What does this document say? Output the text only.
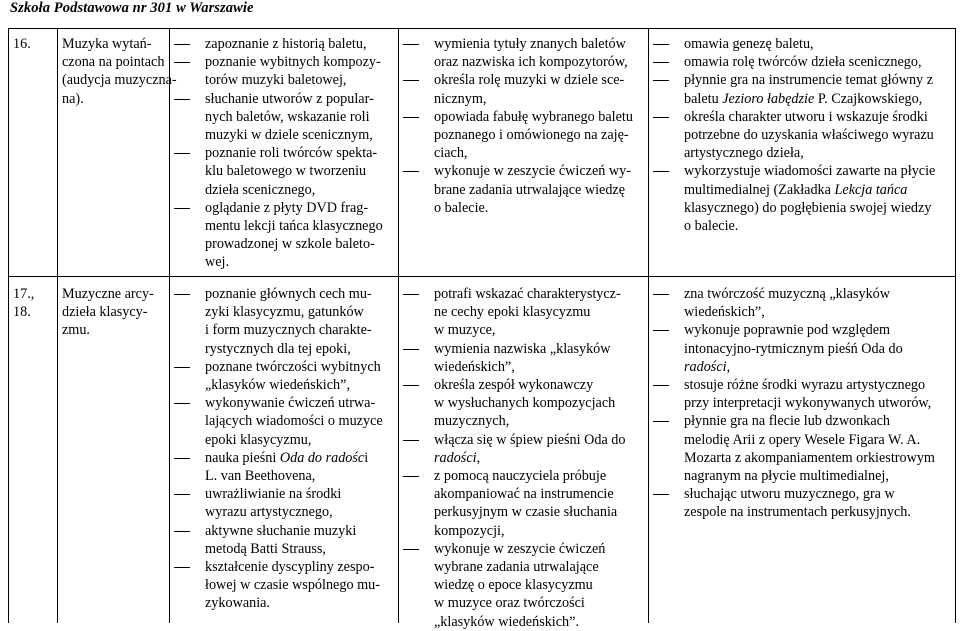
Szkoła Podstawowa nr 301 w Warszawie
16. Muzyka wytań-
czona na pointach
(audycja muzyczna-
na).
zapoznanie z historią baletu,
poznanie wybitnych kompozy-
torów muzyki baletowej,
słuchanie utworów z popular-
nych baletów, wskazanie roli
muzyki w dziele scenicznym,
poznanie roli twórców spekta-
klu baletowego w tworzeniu
dzieła scenicznego,
oglądanie z płyty DVD frag-
mentu lekcji tańca klasycznego
prowadzonej w szkole baleto-
wej.
wymienia tytuły znanych baletów
oraz nazwiska ich kompozytorów,
określa rolę muzyki w dziele sce-
nicznym,
opowiada fabułę wybranego baletu
poznanego i omówionego na zaję-
ciach,
wykonuje w zeszycie ćwiczeń wy-
brane zadania utrwalające wiedzę
o balecie.
omawia genezę baletu,
omawia rolę twórców dzieła scenicznego,
płynnie gra na instrumencie temat główny z
baletu Jezioro łabędzie P. Czajkowskiego,
określa charakter utworu i wskazuje środki
potrzebne do uzyskania właściwego wyrazu
artystycznego dzieła,
wykorzystuje wiadomości zawarte na płycie
multimedialnej (Zakładka Lekcja tańca
klasycznego) do pogłębienia swojej wiedzy
o balecie.
17.,
18.
Muzyczne arcy-
dzieła klasycy-
zmu.
poznanie głównych cech mu-
zyki klasycyzmu, gatunków
i form muzycznych charakte-
rystycznych dla tej epoki,
poznane twórczości wybitnych
„klasyków wiedeńskich”,
wykonywanie ćwiczeń utrwa-
lających wiadomości o muzyce
epoki klasycyzmu,
nauka pieśni Oda do radości
L. van Beethovena,
uwrażliwianie na środki
wyrazu artystycznego,
aktywne słuchanie muzyki
metodą Batti Strauss,
kształcenie dyscypliny zespo-
łowej w czasie wspólnego mu-
zykowania.
potrafi wskazać charakterystycz-
ne cechy epoki klasycyzmu
w muzyce,
wymienia nazwiska „klasyków
wiedeńskich”,
określa zespół wykonawczy
w wysłuchanych kompozycjach
muzycznych,
włącza się w śpiew pieśni Oda do
radości,
z pomocą nauczyciela próbuje
akompaniować na instrumencie
perkusyjnym w czasie słuchania
kompozycji,
wykonuje w zeszycie ćwiczeń
wybrane zadania utrwalające
wiedzę o epoce klasycyzmu
w muzyce oraz twórczości
„klasyków wiedeńskich”.
zna twórczość muzyczną „klasyków
wiedeńskich”,
wykonuje poprawnie pod względem
intonacyjno-rytmicznym pieśń Oda do
radości,
stosuje różne środki wyrazu artystycznego
przy interpretacji wykonywanych utworów,
płynnie gra na flecie lub dzwonkach
melodię Arii z opery Wesele Figara W. A.
Mozarta z akompaniamentem orkiestrowym
nagranym na płycie multimedialnej,
słuchając utworu muzycznego, gra w
zespole na instrumentach perkusyjnych.
